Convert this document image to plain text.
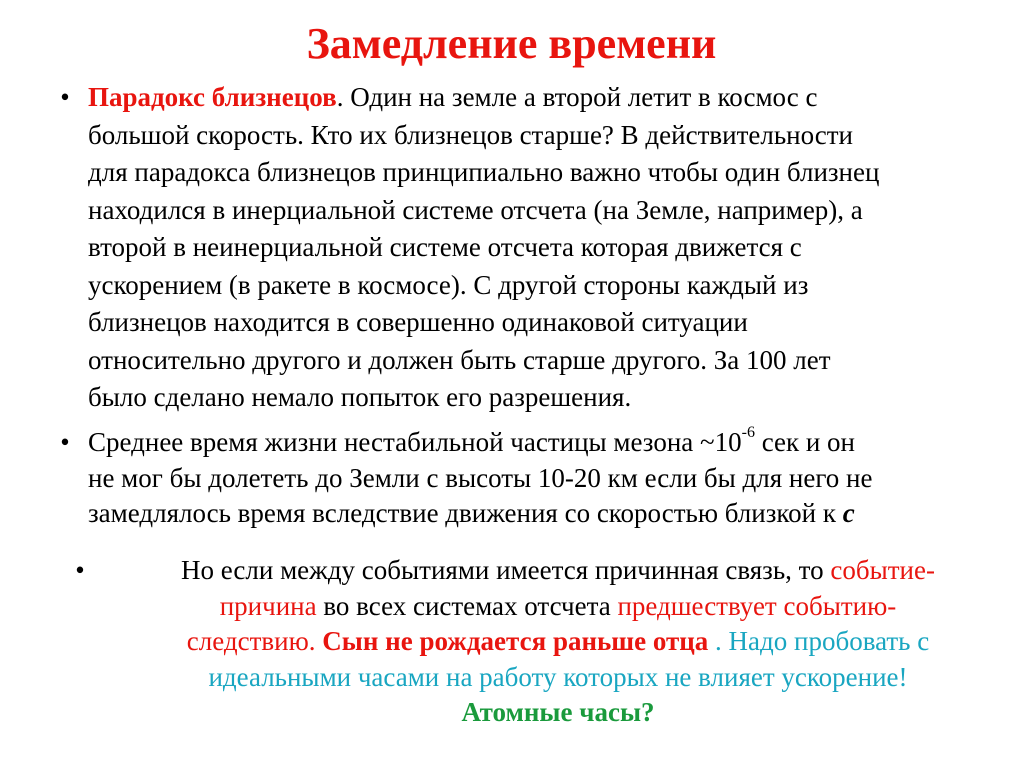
Замедление времени
• Парадокс близнецов. Один на земле а второй летит в космос с
большой скорость. Кто их близнецов старше? В действительности
для парадокса близнецов принципиально важно чтобы один близнец
находился в инерциальной системе отсчета (на Земле, например), а
второй в неинерциальной системе отсчета которая движется с
ускорением (в ракете в космосе). С другой стороны каждый из
близнецов находится в совершенно одинаковой ситуации
относительно другого и должен быть старше другого. За 100 лет
было сделано немало попыток его разрешения.
• Среднее время жизни нестабильной частицы мезона $\sim 10^{-6}$ сек и он
не мог бы долететь до Земли с высоты 10-20 км если бы для него не
замедлялось время вследствие движения со скоростью близкой к с
•	Но если между событиями имеется причинная связь, то событие-
причина во всех системах отсчета предшествует событию-
следствию. Сын не рождается раньше отца . Надо пробовать с
идеальными часами на работу которых не влияет ускорение!
Атомные часы?
